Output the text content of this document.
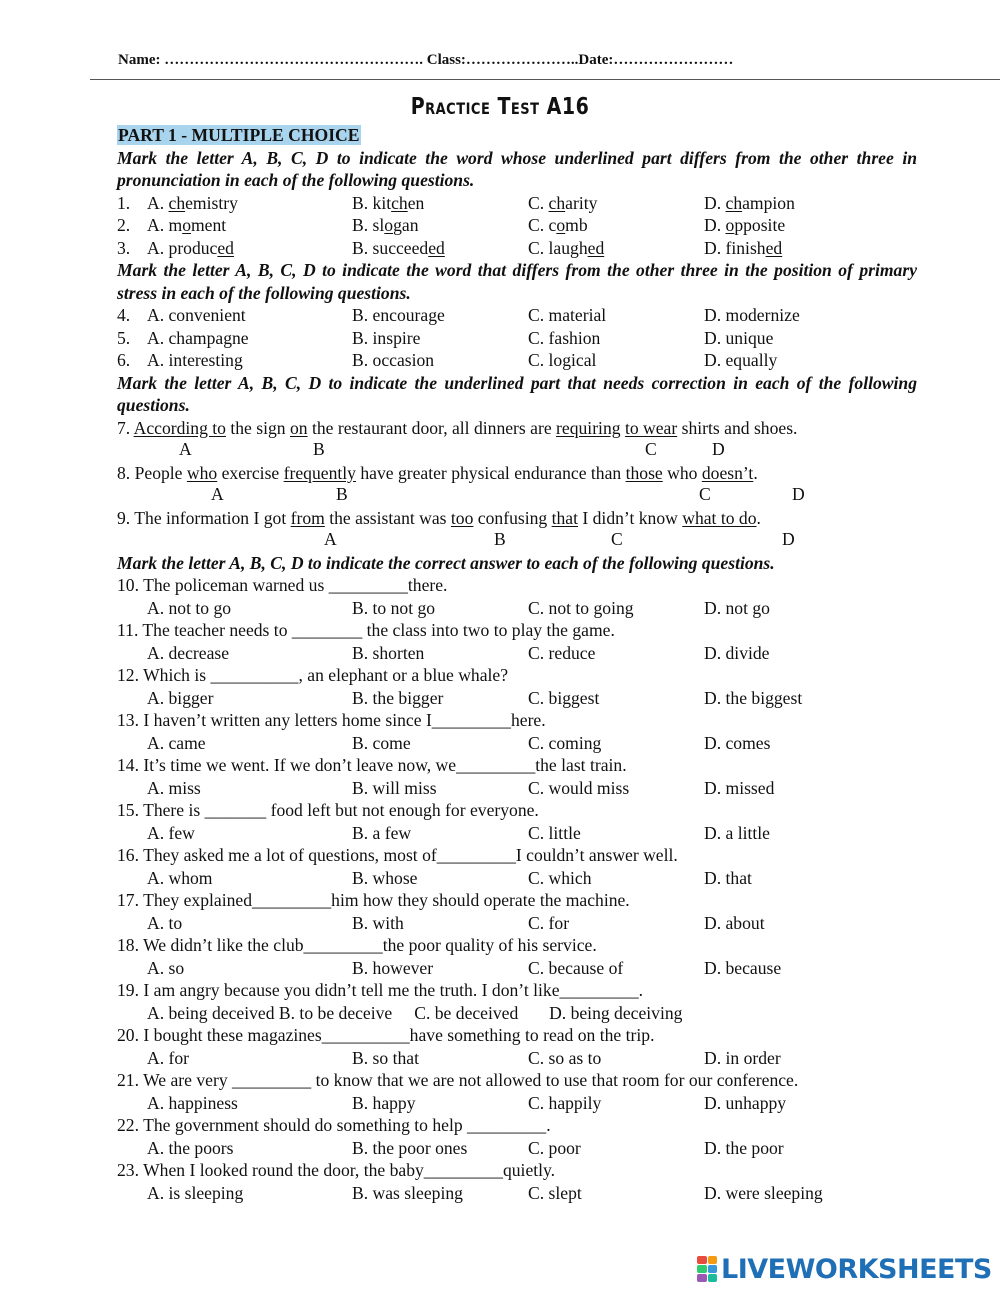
Name: ……………………………………………. Class:…………………..Date:……………………
Practice Test A16
PART 1 - MULTIPLE CHOICE
Mark the letter A, B, C, D to indicate the word whose underlined part differs from the other three in pronunciation in each of the following questions.
1. A. chemistry	B. kitchen	C. charity	D. champion
2. A. moment	B. slogan	C. comb	D. opposite
3. A. produced	B. succeeded	C. laughed	D. finished
Mark the letter A, B, C, D to indicate the word that differs from the other three in the position of primary stress in each of the following questions.
4. A. convenient	B. encourage	C. material	D. modernize
5. A. champagne	B. inspire	C. fashion	D. unique
6. A. interesting	B. occasion	C. logical	D. equally
Mark the letter A, B, C, D to indicate the underlined part that needs correction in each of the following questions.
7. According to the sign on the restaurant door, all dinners are requiring to wear shirts and shoes.
A	B	C	D
8. People who exercise frequently have greater physical endurance than those who doesn’t.
A	B	C	D
9. The information I got from the assistant was too confusing that I didn’t know what to do.
A	B	C	D
Mark the letter A, B, C, D to indicate the correct answer to each of the following questions.
10. The policeman warned us _________there.
A. not to go	B. to not go	C. not to going	D. not go
11. The teacher needs to ________ the class into two to play the game.
A. decrease	B. shorten	C. reduce	D. divide
12. Which is __________, an elephant or a blue whale?
A. bigger	B. the bigger	C. biggest	D. the biggest
13. I haven’t written any letters home since I_________here.
A. came	B. come	C. coming	D. comes
14. It’s time we went. If we don’t leave now, we_________the last train.
A. miss	B. will miss	C. would miss	D. missed
15. There is _______ food left but not enough for everyone.
A. few	B. a few	C. little	D. a little
16. They asked me a lot of questions, most of_________I couldn’t answer well.
A. whom	B. whose	C. which	D. that
17. They explained_________him how they should operate the machine.
A. to	B. with	C. for	D. about
18. We didn’t like the club_________the poor quality of his service.
A. so	B. however	C. because of	D. because
19. I am angry because you didn’t tell me the truth. I don’t like_________.
A. being deceived B. to be deceive     C. be deceived       D. being deceiving
20. I bought these magazines__________have something to read on the trip.
A. for	B. so that	C. so as to	D. in order
21. We are very _________ to know that we are not allowed to use that room for our conference.
A. happiness	B. happy	C. happily	D. unhappy
22. The government should do something to help _________.
A. the poors	B. the poor ones	C. poor	D. the poor
23. When I looked round the door, the baby_________quietly.
A. is sleeping	B. was sleeping	C. slept	D. were sleeping
LIVEWORKSHEETS
